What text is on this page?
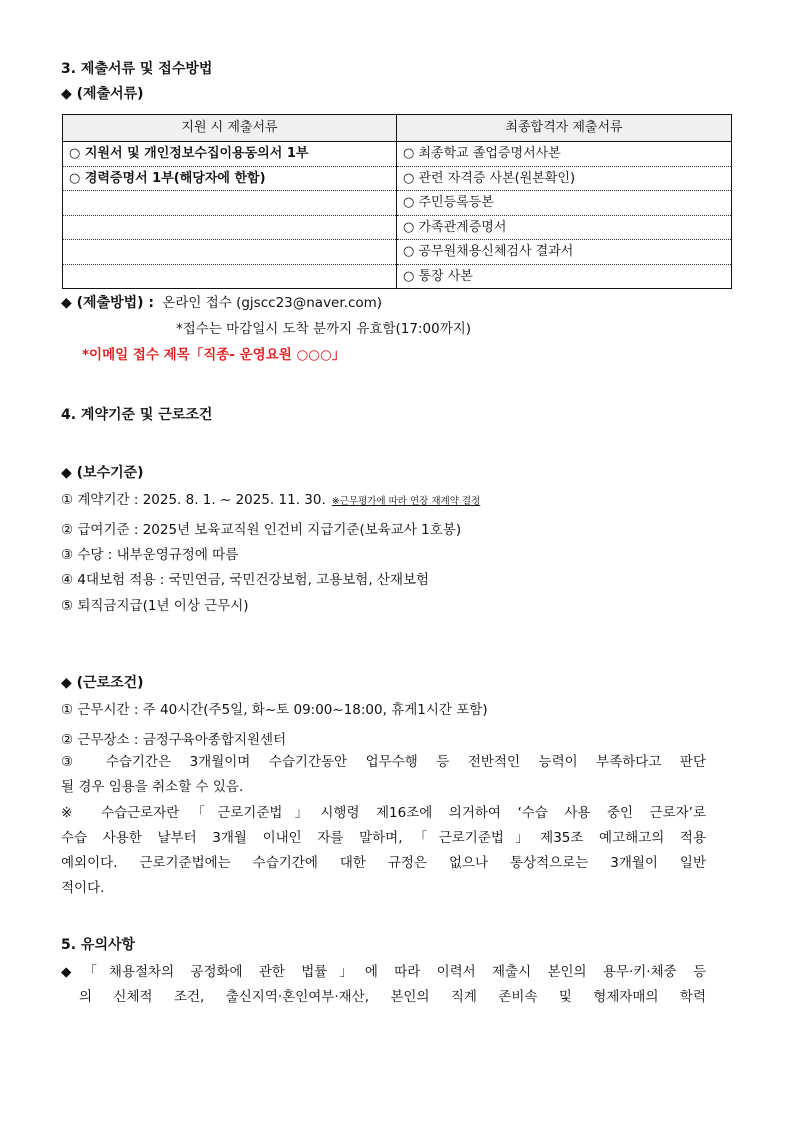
3. 제출서류 및 접수방법
◆ (제출서류)
지원 시 제출서류	최종합격자 제출서류
○ 지원서 및 개인정보수집이용동의서 1부	○ 최종학교 졸업증명서사본
○ 경력증명서 1부(해당자에 한함)	○ 관련 자격증 사본(원본확인)
	○ 주민등록등본
	○ 가족관계증명서
	○ 공무원채용신체검사 결과서
	○ 통장 사본
◆ (제출방법) : 온라인 접수 (gjscc23@naver.com)
*접수는 마감일시 도착 분까지 유효함(17:00까지)
*이메일 접수 제목「직종- 운영요원 ○○○」
4. 계약기준 및 근로조건
◆ (보수기준)
① 계약기간 : 2025. 8. 1. ~ 2025. 11. 30. ※근무평가에 따라 연장 재계약 결정
② 급여기준 : 2025년 보육교직원 인건비 지급기준(보육교사 1호봉)
③ 수당 : 내부운영규정에 따름
④ 4대보험 적용 : 국민연금, 국민건강보험, 고용보험, 산재보험
⑤ 퇴직금지급(1년 이상 근무시)
◆ (근로조건)
① 근무시간 : 주 40시간(주5일, 화~토 09:00~18:00, 휴게1시간 포함)
② 근무장소 : 금정구육아종합지원센터
③ 수습기간은 3개월이며 수습기간동안 업무수행 등 전반적인 능력이 부족하다고 판단
될 경우 임용을 취소할 수 있음.
※ 수습근로자란「근로기준법」시행령 제16조에 의거하여 ‘수습 사용 중인 근로자’로
수습 사용한 날부터 3개월 이내인 자를 말하며,「근로기준법」제35조 예고해고의 적용
예외이다. 근로기준법에는 수습기간에 대한 규정은 없으나 통상적으로는 3개월이 일반
적이다.
5. 유의사항
◆「채용절차의 공정화에 관한 법률」에 따라 이력서 제출시 본인의 용무·키·체중 등
의 신체적 조건, 출신지역·혼인여부·재산, 본인의 직계 존비속 및 형제자매의 학력
